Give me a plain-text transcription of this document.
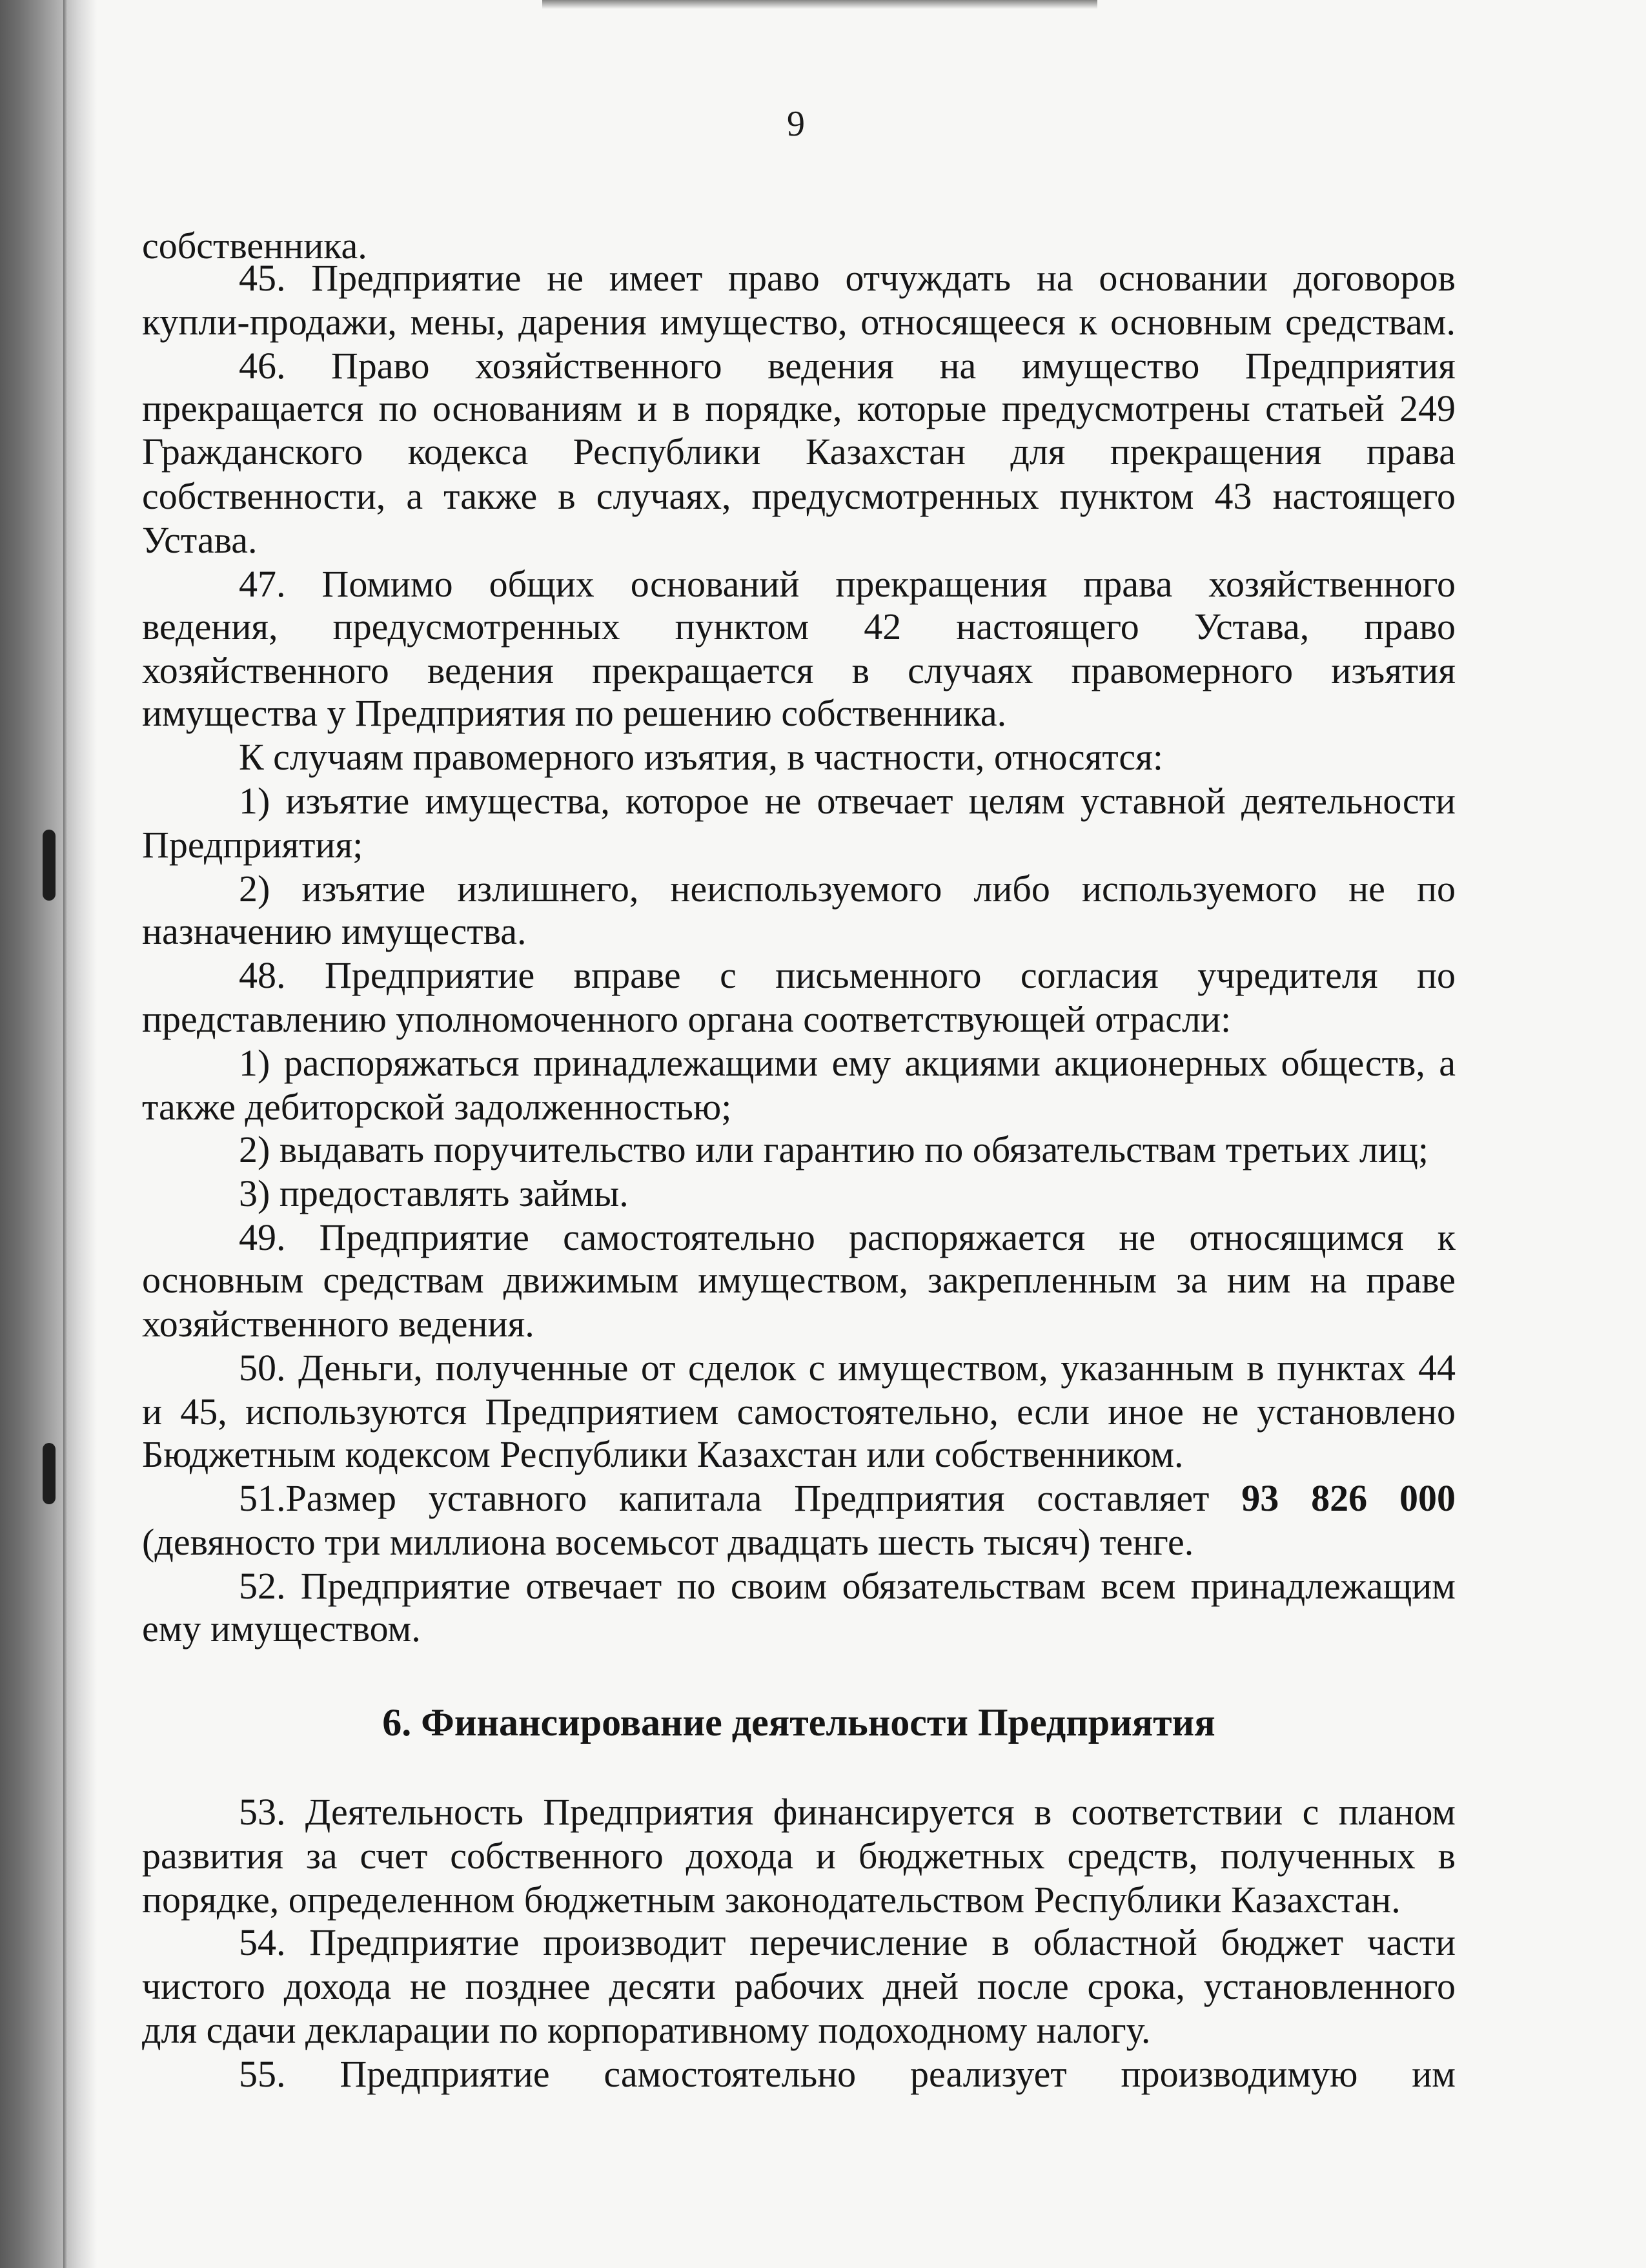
9
собственника.
45. Предприятие не имеет право отчуждать на основании договоров
купли-продажи, мены, дарения имущество, относящееся к основным средствам.
46. Право хозяйственного ведения на имущество Предприятия
прекращается по основаниям и в порядке, которые предусмотрены статьей 249
Гражданского кодекса Республики Казахстан для прекращения права
собственности, а также в случаях, предусмотренных пунктом 43 настоящего
Устава.
47. Помимо общих оснований прекращения права хозяйственного
ведения, предусмотренных пунктом 42 настоящего Устава, право
хозяйственного ведения прекращается в случаях правомерного изъятия
имущества у Предприятия по решению собственника.
К случаям правомерного изъятия, в частности, относятся:
1) изъятие имущества, которое не отвечает целям уставной деятельности
Предприятия;
2) изъятие излишнего, неиспользуемого либо используемого не по
назначению имущества.
48. Предприятие вправе с письменного согласия учредителя по
представлению уполномоченного органа соответствующей отрасли:
1) распоряжаться принадлежащими ему акциями акционерных обществ, а
также дебиторской задолженностью;
2) выдавать поручительство или гарантию по обязательствам третьих лиц;
3) предоставлять займы.
49. Предприятие самостоятельно распоряжается не относящимся к
основным средствам движимым имуществом, закрепленным за ним на праве
хозяйственного ведения.
50. Деньги, полученные от сделок с имуществом, указанным в пунктах 44
и 45, используются Предприятием самостоятельно, если иное не установлено
Бюджетным кодексом Республики Казахстан или собственником.
51.Размер уставного капитала Предприятия составляет 93 826 000
(девяносто три миллиона восемьсот двадцать шесть тысяч) тенге.
52. Предприятие отвечает по своим обязательствам всем принадлежащим
ему имуществом.
6. Финансирование деятельности Предприятия
53. Деятельность Предприятия финансируется в соответствии с планом
развития за счет собственного дохода и бюджетных средств, полученных в
порядке, определенном бюджетным законодательством Республики Казахстан.
54. Предприятие производит перечисление в областной бюджет части
чистого дохода не позднее десяти рабочих дней после срока, установленного
для сдачи декларации по корпоративному подоходному налогу.
55. Предприятие самостоятельно реализует производимую им
